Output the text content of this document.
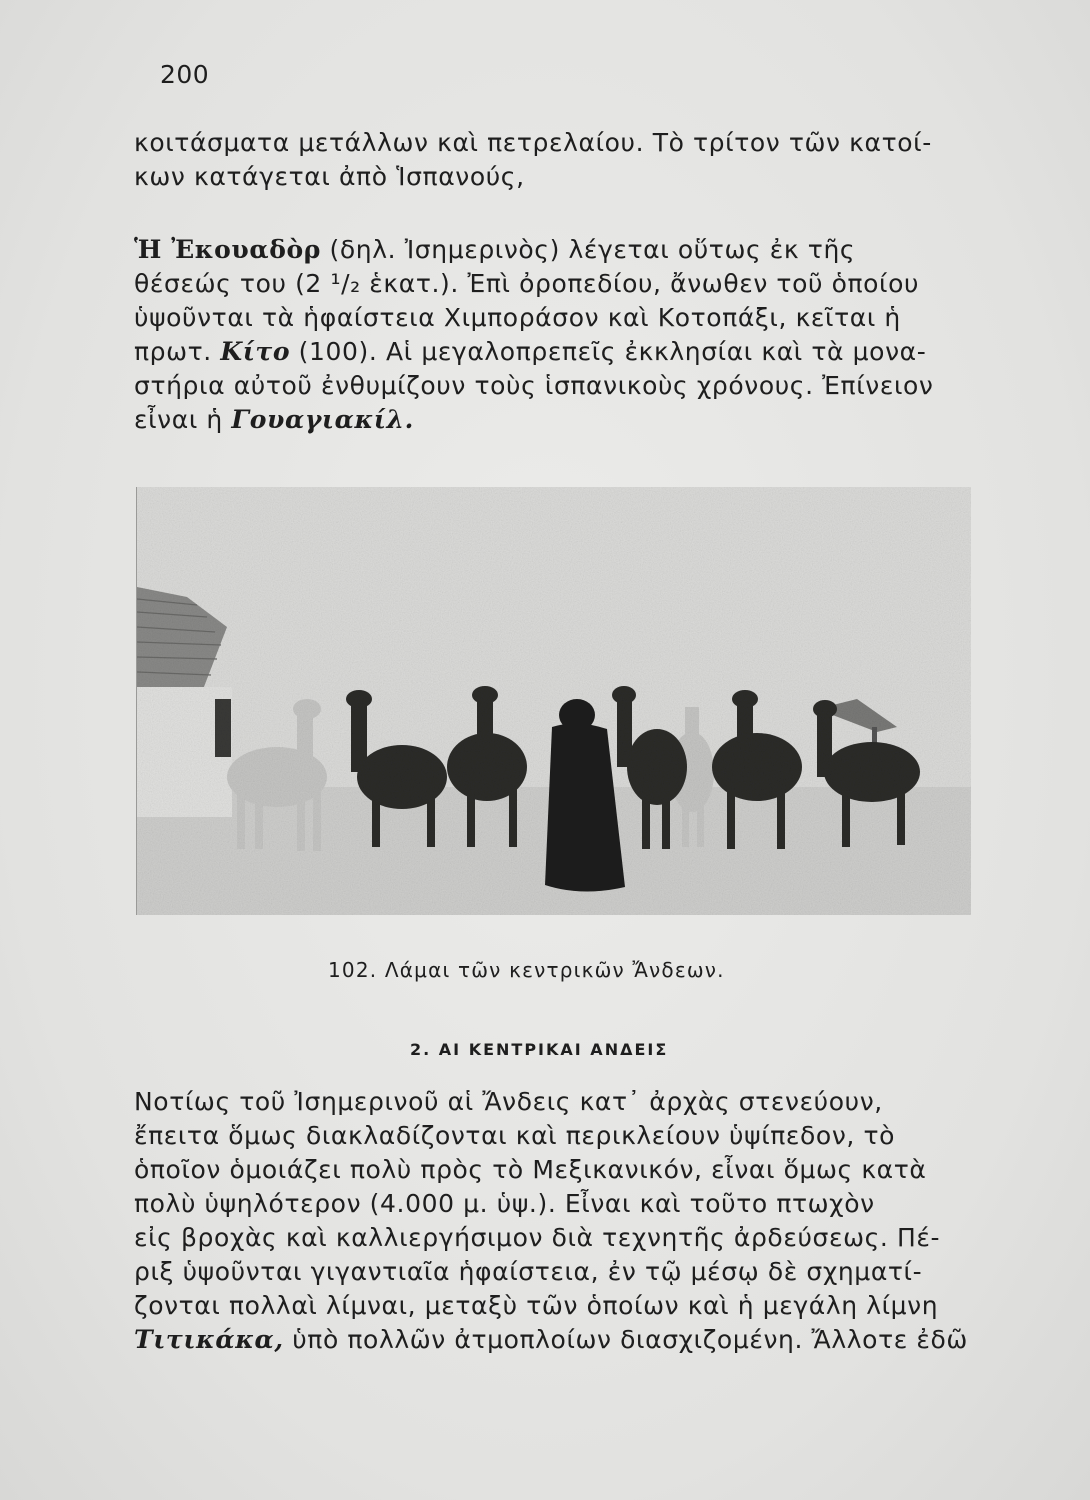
200

κοιτάσματα μετάλλων καὶ πετρελαίου. Τὸ τρίτον τῶν κατοί-
κων κατάγεται ἀπὸ Ἱσπανούς,

Ἡ Ἐκουαδὸρ (δηλ. Ἰσημερινὸς) λέγεται οὕτως ἐκ τῆς
θέσεώς του (2 ¹/₂ ἑκατ.). Ἐπὶ ὀροπεδίου, ἄνωθεν τοῦ ὁποίου
ὑψοῦνται τὰ ἡφαίστεια Χιμποράσον καὶ Κοτοπάξι, κεῖται ἡ
πρωτ. Κίτο (100). Αἱ μεγαλοπρεπεῖς ἐκκλησίαι καὶ τὰ μονα-
στήρια αὐτοῦ ἐνθυμίζουν τοὺς ἱσπανικοὺς χρόνους. Ἐπίνειον
εἶναι ἡ Γουαγιακίλ.

102. Λάμαι τῶν κεντρικῶν Ἄνδεων.
2. ΑΙ ΚΕΝΤΡΙΚΑΙ ΑΝΔΕΙΣ

Νοτίως τοῦ Ἰσημερινοῦ αἱ Ἄνδεις κατ᾽ ἀρχὰς στενεύουν,
ἔπειτα ὅμως διακλαδίζονται καὶ περικλείουν ὑψίπεδον, τὸ
ὁποῖον ὁμοιάζει πολὺ πρὸς τὸ Μεξικανικόν, εἶναι ὅμως κατὰ
πολὺ ὑψηλότερον (4.000 μ. ὑψ.). Εἶναι καὶ τοῦτο πτωχὸν
εἰς βροχὰς καὶ καλλιεργήσιμον διὰ τεχνητῆς ἀρδεύσεως. Πέ-
ριξ ὑψοῦνται γιγαντιαῖα ἡφαίστεια, ἐν τῷ μέσῳ δὲ σχηματί-
ζονται πολλαὶ λίμναι, μεταξὺ τῶν ὁποίων καὶ ἡ μεγάλη λίμνη
Τιτικάκα, ὑπὸ πολλῶν ἀτμοπλοίων διασχιζομένη. Ἄλλοτε ἐδῶ
